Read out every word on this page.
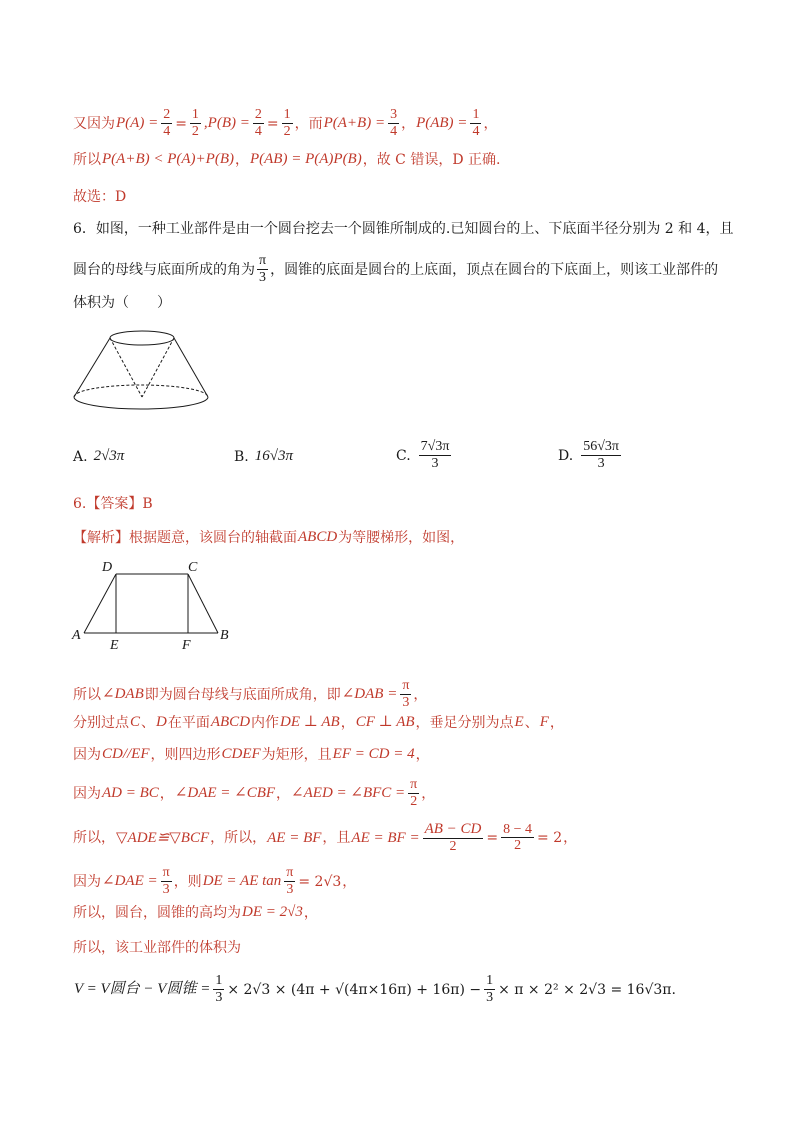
又因为 $P(A) = \frac{2}{4} = \frac{1}{2} ,P(B) = \frac{2}{4} = \frac{1}{2}$ ，而 $P(A+B) = \frac{3}{4}$ ， $P(AB) = \frac{1}{4}$ ，
所以 P(A+B) < P(A)+P(B) ， P(AB) = P(A)P(B) ，故 C 错误，D 正确.
故选：D
6．如图，一种工业部件是由一个圆台挖去一个圆锥所制成的.已知圆台的上、下底面半径分别为 2 和 4，且
圆台的母线与底面所成的角为 $\frac{\pi}{3}$ ，圆锥的底面是圆台的上底面，顶点在圆台的下底面上，则该工业部件的
体积为（　　）
A. 2√3π	B. 16√3π	C. $\frac{7√3\pi}{3}$	D. $\frac{56√3\pi}{3}$
6.【答案】B
【解析】 根据题意，该圆台的轴截面 ABCD 为等腰梯形，如图，
D	C
A	B
E	F
所以 ∠DAB 即为圆台母线与底面所成角，即 ∠DAB = $\frac{\pi}{3}$ ，
分别过点 C 、 D 在平面 ABCD 内作 DE ⊥ AB ， CF ⊥ AB ，垂足分别为点 E 、 F ，
因为 CD//EF ，则四边形 CDEF 为矩形，且 EF = CD = 4 ，
因为 AD = BC ， ∠DAE = ∠CBF ， ∠AED = ∠BFC = $\frac{\pi}{2}$ ，
所以， ▽ADE≌▽BCF ，所以， AE = BF ，且 AE = BF = $\frac{AB - CD}{2} = \frac{8 - 4}{2} = 2$ ，
因为 ∠DAE = $\frac{\pi}{3}$ ，则 DE = AE $\tan \frac{\pi}{3} = 2√3$ ，
所以，圆台，圆锥的高均为 DE = 2√3 ，
所以，该工业部件的体积为
V = V圆台 − V圆锥 = $\frac{1}{3} \times 2√3 \times (4\pi + √(4\pi\times 16\pi) + 16\pi) - \frac{1}{3} \times \pi \times 2^2 \times 2√3 = 16√3\pi$.
